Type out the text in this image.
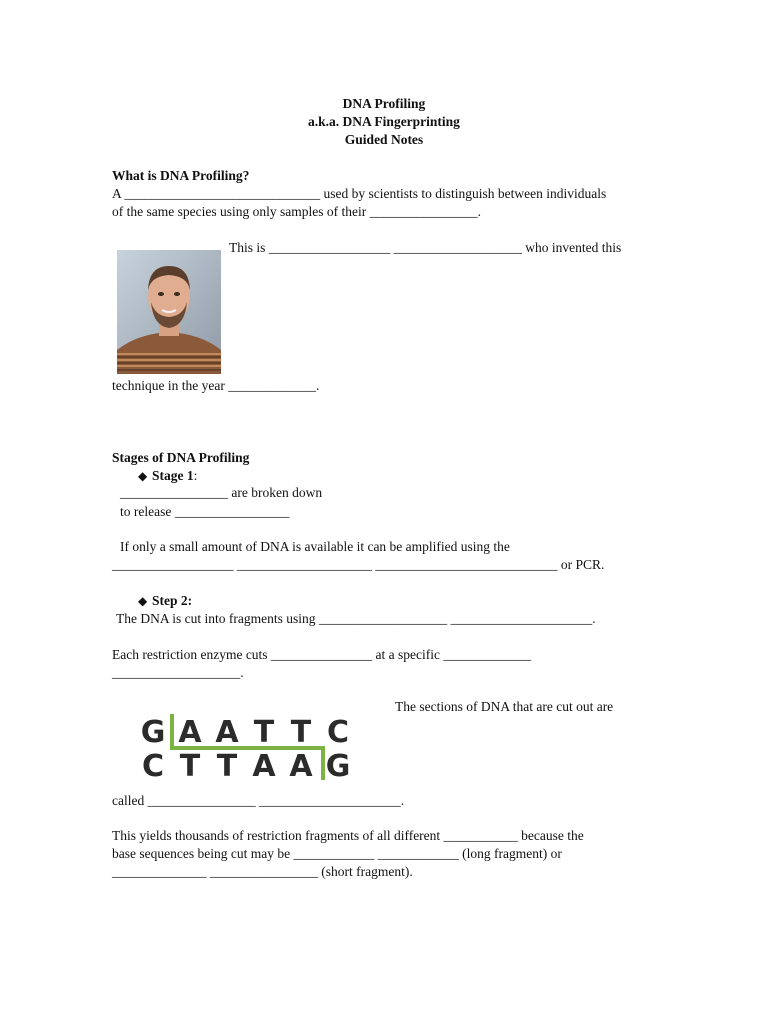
DNA Profiling
a.k.a. DNA Fingerprinting
Guided Notes
What is DNA Profiling?
A _____________________________ used by scientists to distinguish between individuals
of the same species using only samples of their ________________.
This is __________________ ___________________ who invented this
technique in the year _____________.
Stages of DNA Profiling
◆ Stage 1:
________________ are broken down
to release _________________
If only a small amount of DNA is available it can be amplified using the
__________________ ____________________ ___________________________ or PCR.
◆ Step 2:
The DNA is cut into fragments using ___________________ _____________________.
Each restriction enzyme cuts _______________ at a specific _____________
___________________.
G A A T T C
C T T A A G
The sections of DNA that are cut out are
called ________________ _____________________.
This yields thousands of restriction fragments of all different ___________ because the
base sequences being cut may be ____________ ____________ (long fragment) or
______________ ________________ (short fragment).
